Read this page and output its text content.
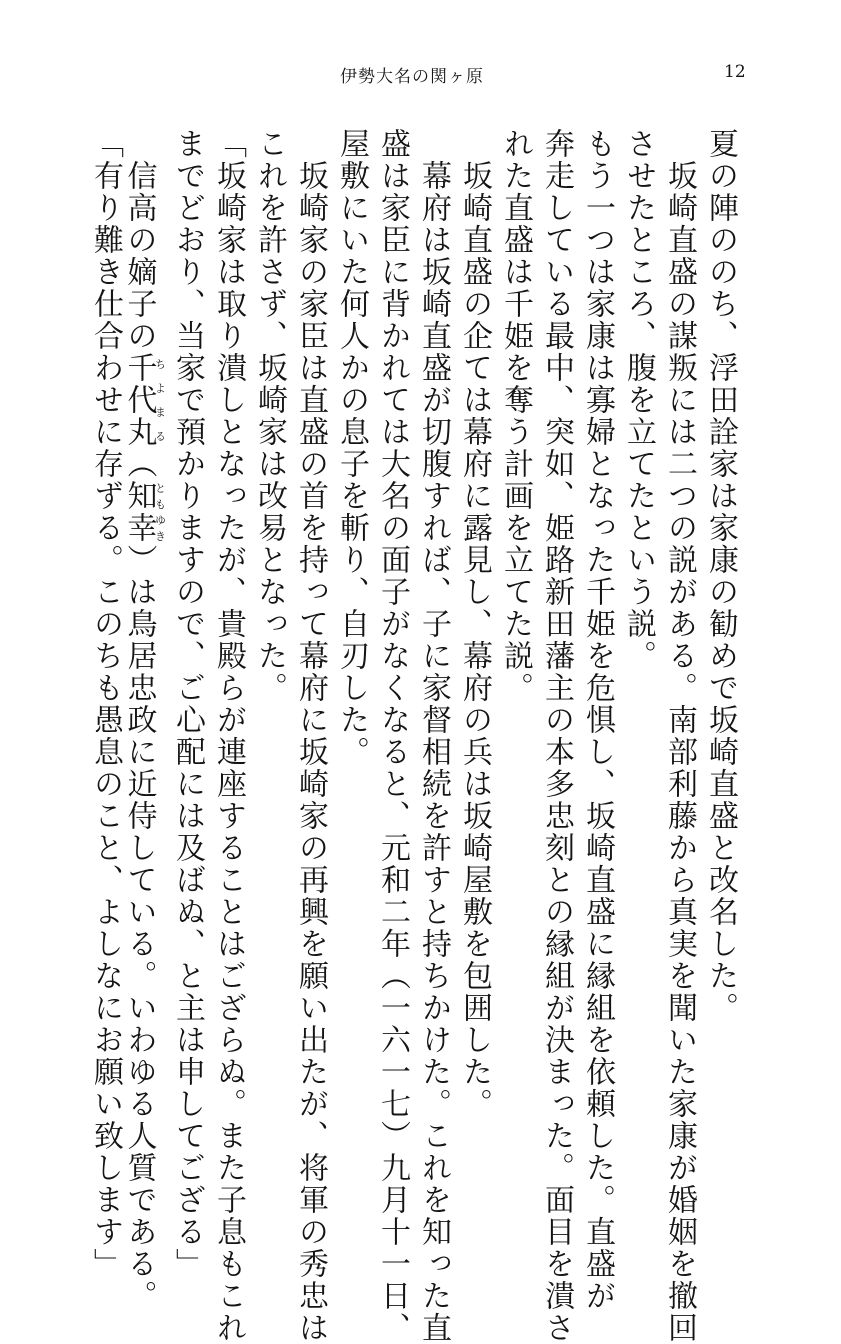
伊勢大名の関ヶ原	12
夏の陣ののち、浮田詮家は家康の勧めで坂崎直盛と改名した。
坂崎直盛の謀叛には二つの説がある。南部利藤から真実を聞いた家康が婚姻を撤回
させたところ、腹を立てたという説。
もう一つは家康は寡婦となった千姫を危惧し、坂崎直盛に縁組を依頼した。直盛が
奔走している最中、突如、姫路新田藩主の本多忠刻との縁組が決まった。面目を潰さ
れた直盛は千姫を奪う計画を立てた説。
坂崎直盛の企ては幕府に露見し、幕府の兵は坂崎屋敷を包囲した。
幕府は坂崎直盛が切腹すれば、子に家督相続を許すと持ちかけた。これを知った直
盛は家臣に背かれては大名の面子がなくなると、元和二年（一六一七）九月十一日、
屋敷にいた何人かの息子を斬り、自刃した。
坂崎家の家臣は直盛の首を持って幕府に坂崎家の再興を願い出たが、将軍の秀忠は
これを許さず、坂崎家は改易となった。
「坂崎家は取り潰しとなったが、貴殿らが連座することはござらぬ。また子息もこれ
までどおり、当家で預かりますので、ご心配には及ばぬ、と主は申してござる」
信高の嫡子の千代丸ちよまる（知幸ともゆき）は鳥居忠政に近侍している。いわゆる人質である。
「有り難き仕合わせに存ずる。このちも愚息のこと、よしなにお願い致します」
